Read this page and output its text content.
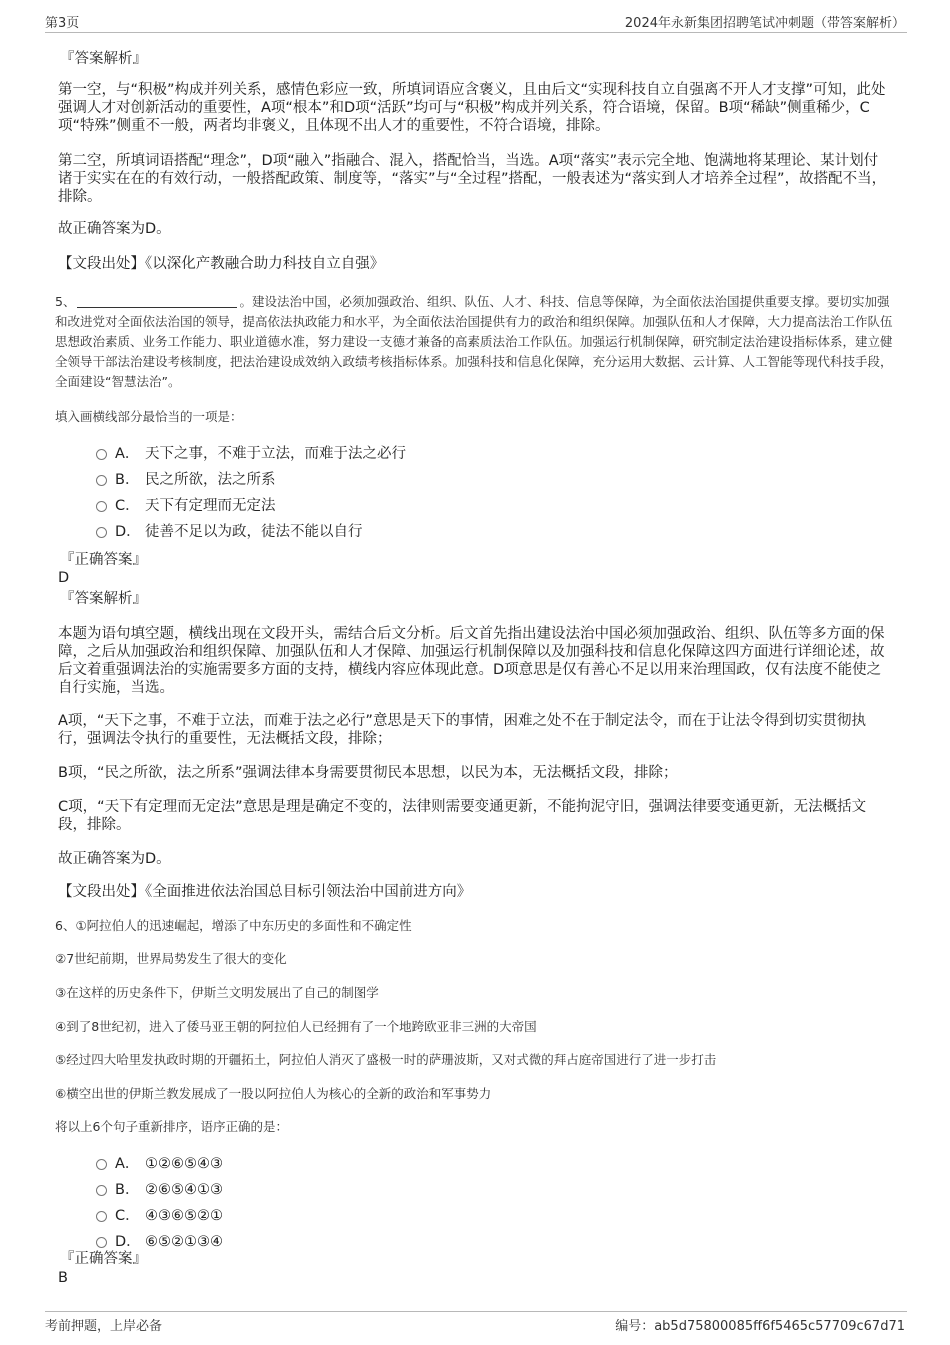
第3页	2024年永新集团招聘笔试冲刺题（带答案解析）
『答案解析』
第一空，与“积极”构成并列关系，感情色彩应一致，所填词语应含褒义，且由后文“实现科技自立自强离不开人才支撑”可知，此处强调人才对创新活动的重要性，A项“根本”和D项“活跃”均可与“积极”构成并列关系，符合语境，保留。B项“稀缺”侧重稀少，C项“特殊”侧重不一般，两者均非褒义，且体现不出人才的重要性，不符合语境，排除。
第二空，所填词语搭配“理念”，D项“融入”指融合、混入，搭配恰当，当选。A项“落实”表示完全地、饱满地将某理论、某计划付诸于实实在在的有效行动，一般搭配政策、制度等，“落实”与“全过程”搭配，一般表述为“落实到人才培养全过程”，故搭配不当，排除。
故正确答案为D。
【文段出处】《以深化产教融合助力科技自立自强》
5、	。建设法治中国，必须加强政治、组织、队伍、人才、科技、信息等保障，为全面依法治国提供重要支撑。要切实加强和改进党对全面依法治国的领导，提高依法执政能力和水平，为全面依法治国提供有力的政治和组织保障。加强队伍和人才保障，大力提高法治工作队伍思想政治素质、业务工作能力、职业道德水准，努力建设一支德才兼备的高素质法治工作队伍。加强运行机制保障，研究制定法治建设指标体系，建立健全领导干部法治建设考核制度，把法治建设成效纳入政绩考核指标体系。加强科技和信息化保障，充分运用大数据、云计算、人工智能等现代科技手段，全面建设“智慧法治”。
填入画横线部分最恰当的一项是：
A． 天下之事，不难于立法，而难于法之必行
B． 民之所欲，法之所系
C． 天下有定理而无定法
D． 徒善不足以为政，徒法不能以自行
『正确答案』
D
『答案解析』
本题为语句填空题，横线出现在文段开头，需结合后文分析。后文首先指出建设法治中国必须加强政治、组织、队伍等多方面的保障，之后从加强政治和组织保障、加强队伍和人才保障、加强运行机制保障以及加强科技和信息化保障这四方面进行详细论述，故后文着重强调法治的实施需要多方面的支持，横线内容应体现此意。D项意思是仅有善心不足以用来治理国政，仅有法度不能使之自行实施，当选。
A项，“天下之事，不难于立法，而难于法之必行”意思是天下的事情，困难之处不在于制定法令，而在于让法令得到切实贯彻执行，强调法令执行的重要性，无法概括文段，排除；
B项，“民之所欲，法之所系”强调法律本身需要贯彻民本思想，以民为本，无法概括文段，排除；
C项，“天下有定理而无定法”意思是理是确定不变的，法律则需要变通更新，不能拘泥守旧，强调法律要变通更新，无法概括文段，排除。
故正确答案为D。
【文段出处】《全面推进依法治国总目标引领法治中国前进方向》
6、①阿拉伯人的迅速崛起，增添了中东历史的多面性和不确定性
②7世纪前期，世界局势发生了很大的变化
③在这样的历史条件下，伊斯兰文明发展出了自己的制图学
④到了8世纪初，进入了倭马亚王朝的阿拉伯人已经拥有了一个地跨欧亚非三洲的大帝国
⑤经过四大哈里发执政时期的开疆拓土，阿拉伯人消灭了盛极一时的萨珊波斯，又对式微的拜占庭帝国进行了进一步打击
⑥横空出世的伊斯兰教发展成了一股以阿拉伯人为核心的全新的政治和军事势力
将以上6个句子重新排序，语序正确的是：
A． ①②⑥⑤④③
B． ②⑥⑤④①③
C． ④③⑥⑤②①
D． ⑥⑤②①③④
『正确答案』
B
考前押题，上岸必备	编号：ab5d75800085ff6f5465c57709c67d71
